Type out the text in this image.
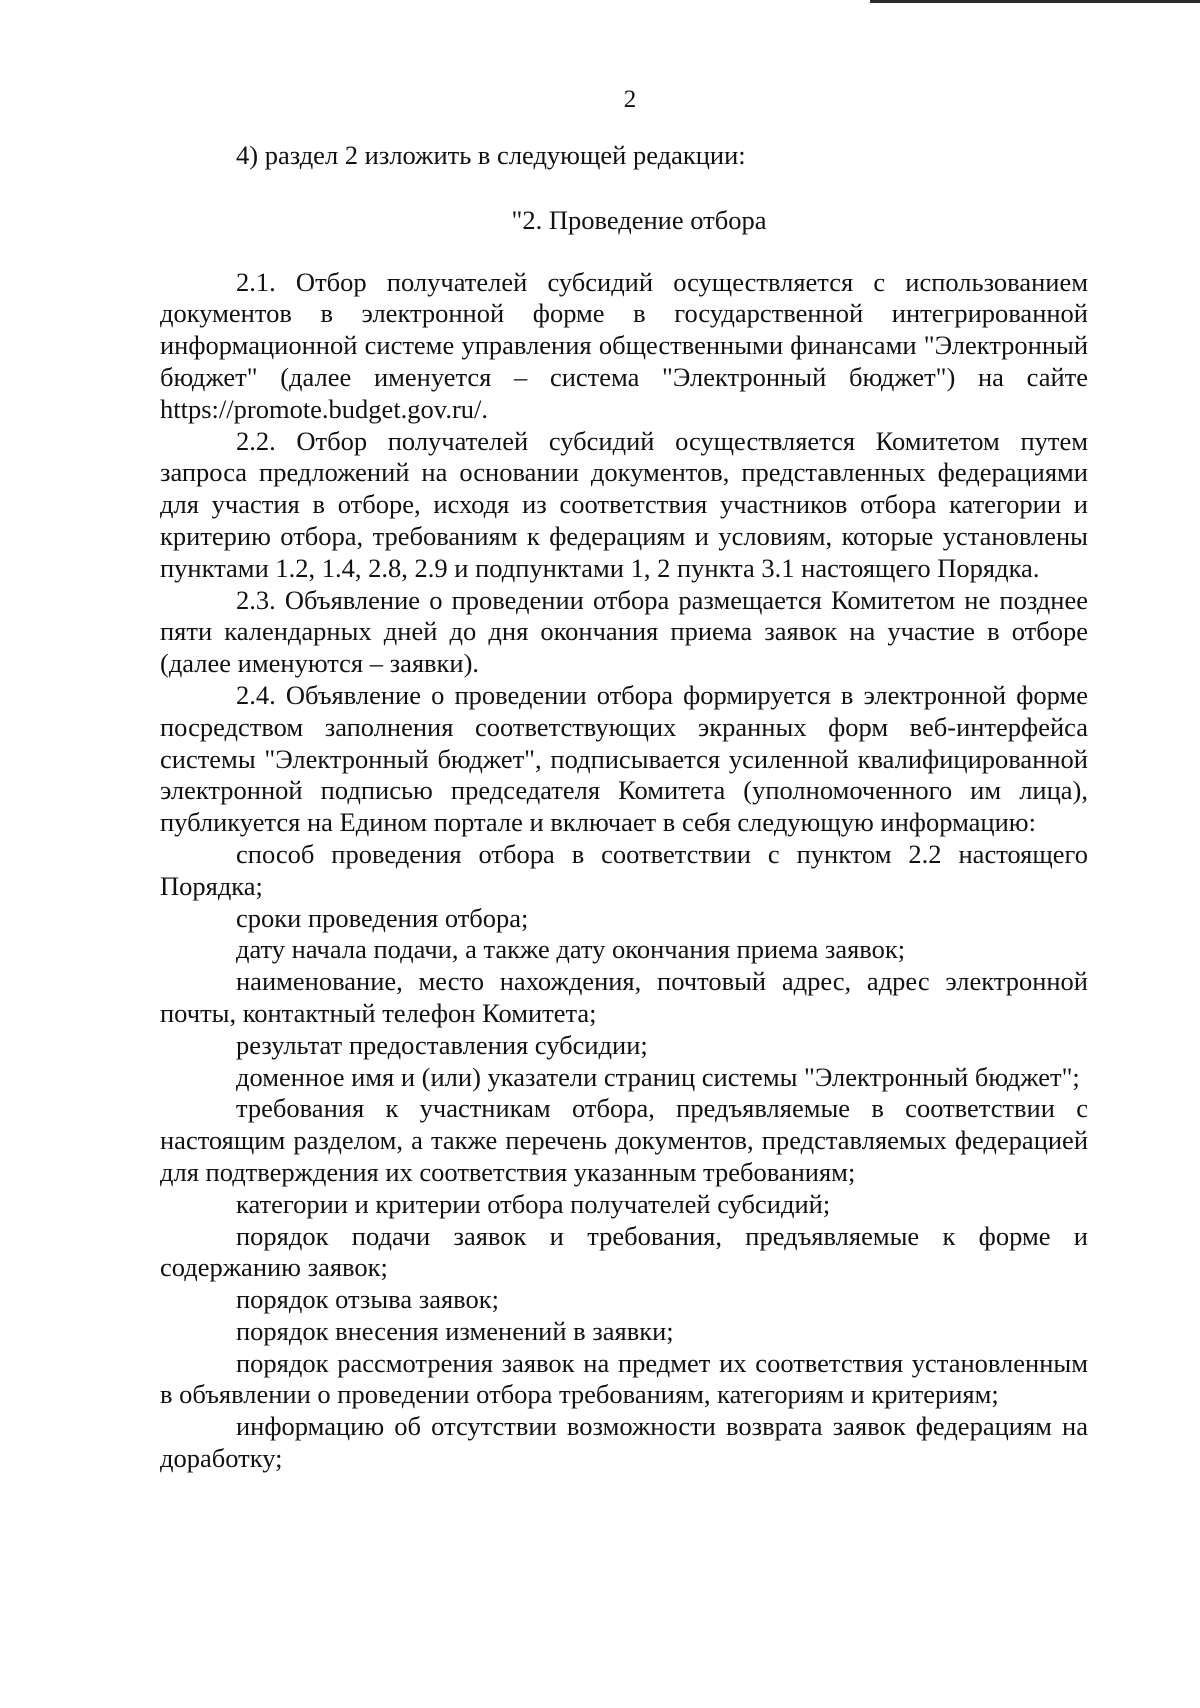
2

4) раздел 2 изложить в следующей редакции:

"2. Проведение отбора

2.1. Отбор получателей субсидий осуществляется с использованием документов в электронной форме в государственной интегрированной информационной системе управления общественными финансами "Электронный бюджет" (далее именуется – система "Электронный бюджет") на сайте https://promote.budget.gov.ru/.

2.2. Отбор получателей субсидий осуществляется Комитетом путем запроса предложений на основании документов, представленных федерациями для участия в отборе, исходя из соответствия участников отбора категории и критерию отбора, требованиям к федерациям и условиям, которые установлены пунктами 1.2, 1.4, 2.8, 2.9 и подпунктами 1, 2 пункта 3.1 настоящего Порядка.

2.3. Объявление о проведении отбора размещается Комитетом не позднее пяти календарных дней до дня окончания приема заявок на участие в отборе (далее именуются – заявки).

2.4. Объявление о проведении отбора формируется в электронной форме посредством заполнения соответствующих экранных форм веб-интерфейса системы "Электронный бюджет", подписывается усиленной квалифицированной электронной подписью председателя Комитета (уполномоченного им лица), публикуется на Едином портале и включает в себя следующую информацию:

способ проведения отбора в соответствии с пунктом 2.2 настоящего Порядка;

сроки проведения отбора;

дату начала подачи, а также дату окончания приема заявок;

наименование, место нахождения, почтовый адрес, адрес электронной почты, контактный телефон Комитета;

результат предоставления субсидии;

доменное имя и (или) указатели страниц системы "Электронный бюджет";

требования к участникам отбора, предъявляемые в соответствии с настоящим разделом, а также перечень документов, представляемых федерацией для подтверждения их соответствия указанным требованиям;

категории и критерии отбора получателей субсидий;

порядок подачи заявок и требования, предъявляемые к форме и содержанию заявок;

порядок отзыва заявок;

порядок внесения изменений в заявки;

порядок рассмотрения заявок на предмет их соответствия установленным в объявлении о проведении отбора требованиям, категориям и критериям;

информацию об отсутствии возможности возврата заявок федерациям на доработку;
